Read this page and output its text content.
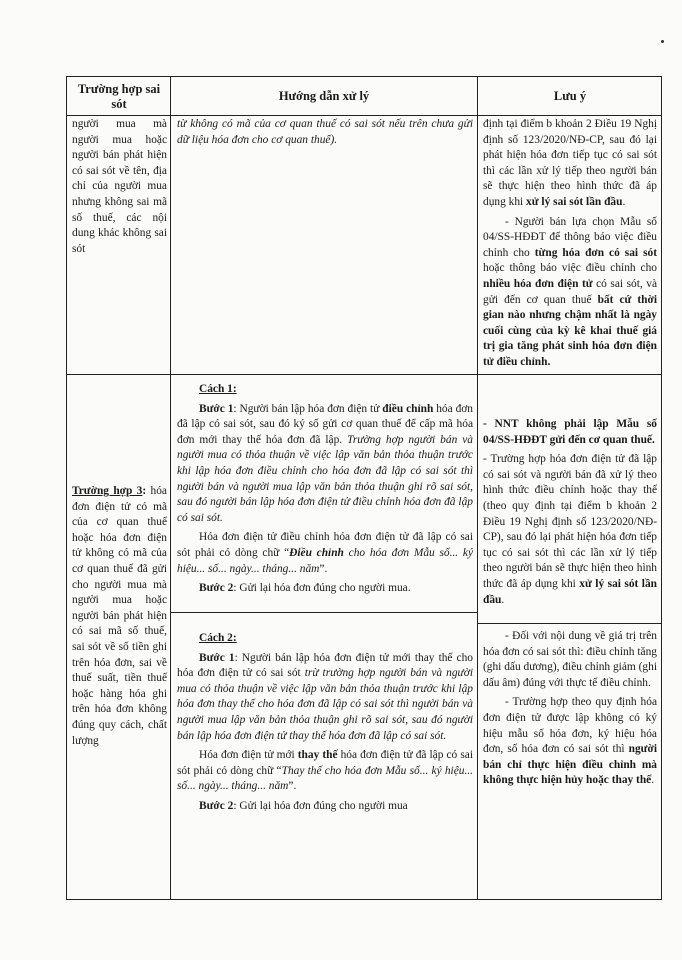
Trường hợp sai sót
Hướng dẫn xử lý	Lưu ý
người mua mà người mua hoặc người bán phát hiện có sai sót về tên, địa chỉ của người mua nhưng không sai mã số thuế, các nội dung khác không sai sót
từ không có mã của cơ quan thuế có sai sót nếu trên chưa gửi dữ liệu hóa đơn cho cơ quan thuế).

định tại điểm b khoản 2 Điều 19 Nghị định số 123/2020/NĐ-CP, sau đó lại phát hiện hóa đơn tiếp tục có sai sót thì các lần xử lý tiếp theo người bán sẽ thực hiện theo hình thức đã áp dụng khi xử lý sai sót lần đầu.

- Người bán lựa chọn Mẫu số 04/SS-HĐĐT để thông báo việc điều chỉnh cho từng hóa đơn có sai sót hoặc thông báo việc điều chỉnh cho nhiều hóa đơn điện tử có sai sót, và gửi đến cơ quan thuế bất cứ thời gian nào nhưng chậm nhất là ngày cuối cùng của kỳ kê khai thuế giá trị gia tăng phát sinh hóa đơn điện tử điều chỉnh.

Trường hợp 3: hóa đơn điện tử có mã của cơ quan thuế hoặc hóa đơn điện tử không có mã của cơ quan thuế đã gửi cho người mua mà người mua hoặc người bán phát hiện có sai mã số thuế, sai sót về số tiền ghi trên hóa đơn, sai về thuế suất, tiền thuế hoặc hàng hóa ghi trên hóa đơn không đúng quy cách, chất lượng

Cách 1:

Bước 1: Người bán lập hóa đơn điện tử điều chỉnh hóa đơn đã lập có sai sót, sau đó ký số gửi cơ quan thuế để cấp mã hóa đơn mới thay thế hóa đơn đã lập. Trường hợp người bán và người mua có thỏa thuận về việc lập văn bản thỏa thuận trước khi lập hóa đơn điều chỉnh cho hóa đơn đã lập có sai sót thì người bán và người mua lập văn bản thỏa thuận ghi rõ sai sót, sau đó người bán lập hóa đơn điện tử điều chỉnh hóa đơn đã lập có sai sót.

Hóa đơn điện tử điều chỉnh hóa đơn điện tử đã lập có sai sót phải có dòng chữ “Điều chỉnh cho hóa đơn Mẫu số... ký hiệu... số... ngày... tháng... năm”.

Bước 2: Gửi lại hóa đơn đúng cho người mua.

Cách 2:

Bước 1: Người bán lập hóa đơn điện tử mới thay thế cho hóa đơn điện tử có sai sót trừ trường hợp người bán và người mua có thỏa thuận về việc lập văn bản thỏa thuận trước khi lập hóa đơn thay thế cho hóa đơn đã lập có sai sót thì người bán và người mua lập văn bản thỏa thuận ghi rõ sai sót, sau đó người bán lập hóa đơn điện tử thay thế hóa đơn đã lập có sai sót.

Hóa đơn điện tử mới thay thế hóa đơn điện tử đã lập có sai sót phải có dòng chữ “Thay thế cho hóa đơn Mẫu số... ký hiệu... số... ngày... tháng... năm”.

Bước 2: Gửi lại hóa đơn đúng cho người mua

- NNT không phải lập Mẫu số 04/SS-HĐĐT gửi đến cơ quan thuế.

- Trường hợp hóa đơn điện tử đã lập có sai sót và người bán đã xử lý theo hình thức điều chỉnh hoặc thay thế (theo quy định tại điểm b khoản 2 Điều 19 Nghị định số 123/2020/NĐ-CP), sau đó lại phát hiện hóa đơn tiếp tục có sai sót thì các lần xử lý tiếp theo người bán sẽ thực hiện theo hình thức đã áp dụng khi xử lý sai sót lần đầu.

- Đối với nội dung về giá trị trên hóa đơn có sai sót thì: điều chỉnh tăng (ghi dấu dương), điều chỉnh giảm (ghi dấu âm) đúng với thực tế điều chỉnh.

- Trường hợp theo quy định hóa đơn điện tử được lập không có ký hiệu mẫu số hóa đơn, ký hiệu hóa đơn, số hóa đơn có sai sót thì người bán chỉ thực hiện điều chỉnh mà không thực hiện hủy hoặc thay thế.
